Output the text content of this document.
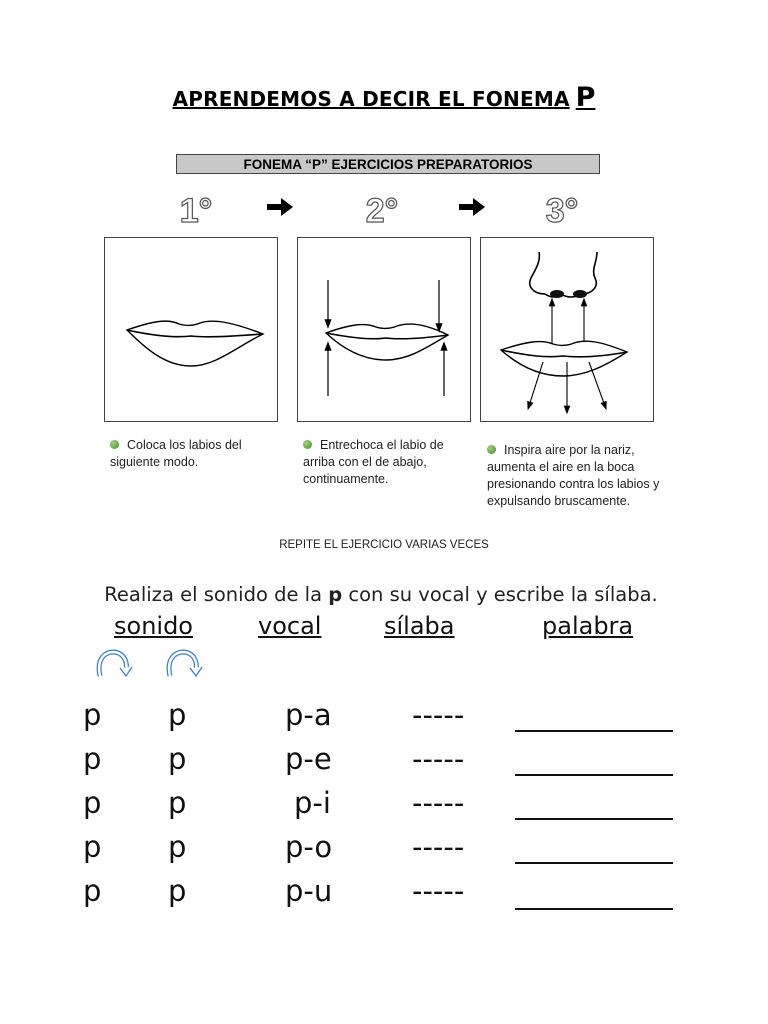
APRENDEMOS A DECIR EL FONEMA P
FONEMA “P” EJERCICIOS PREPARATORIOS
1°	2°	3°
Coloca los labios del siguiente modo.
Entrechoca el labio de arriba con el de abajo, continuamente.
Inspira aire por la nariz, aumenta el aire en la boca presionando contra los labios y expulsando bruscamente.
REPITE EL EJERCICIO VARIAS VECES
Realiza el sonido de la p con su vocal y escribe la sílaba.
sonido	vocal	sílaba	palabra
p p	p-a	-----
p p	p-e	-----
p p	p-i	-----
p p	p-o	-----
p p	p-u	-----
